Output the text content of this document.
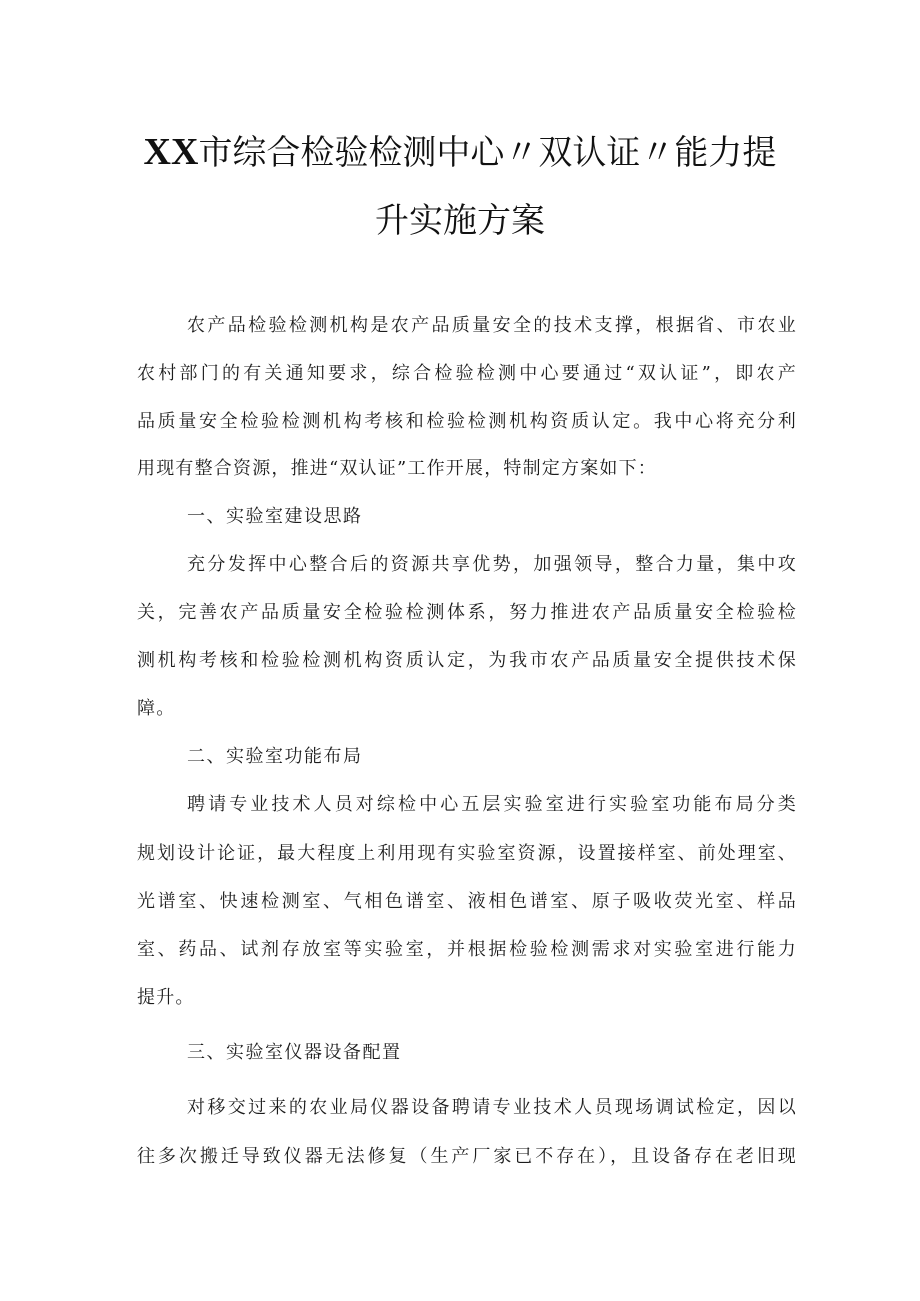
XX市综合检验检测中心〃双认证〃能力提
升实施方案
农产品检验检测机构是农产品质量安全的技术支撑，根据省、市农业
农村部门的有关通知要求，综合检验检测中心要通过“双认证”，即农产
品质量安全检验检测机构考核和检验检测机构资质认定。我中心将充分利
用现有整合资源，推进“双认证”工作开展，特制定方案如下：
一、实验室建设思路
充分发挥中心整合后的资源共享优势，加强领导，整合力量，集中攻
关，完善农产品质量安全检验检测体系，努力推进农产品质量安全检验检
测机构考核和检验检测机构资质认定，为我市农产品质量安全提供技术保
障。
二、实验室功能布局
聘请专业技术人员对综检中心五层实验室进行实验室功能布局分类
规划设计论证，最大程度上利用现有实验室资源，设置接样室、前处理室、
光谱室、快速检测室、气相色谱室、液相色谱室、原子吸收荧光室、样品
室、药品、试剂存放室等实验室，并根据检验检测需求对实验室进行能力
提升。
三、实验室仪器设备配置
对移交过来的农业局仪器设备聘请专业技术人员现场调试检定，因以
往多次搬迁导致仪器无法修复（生产厂家已不存在），且设备存在老旧现
